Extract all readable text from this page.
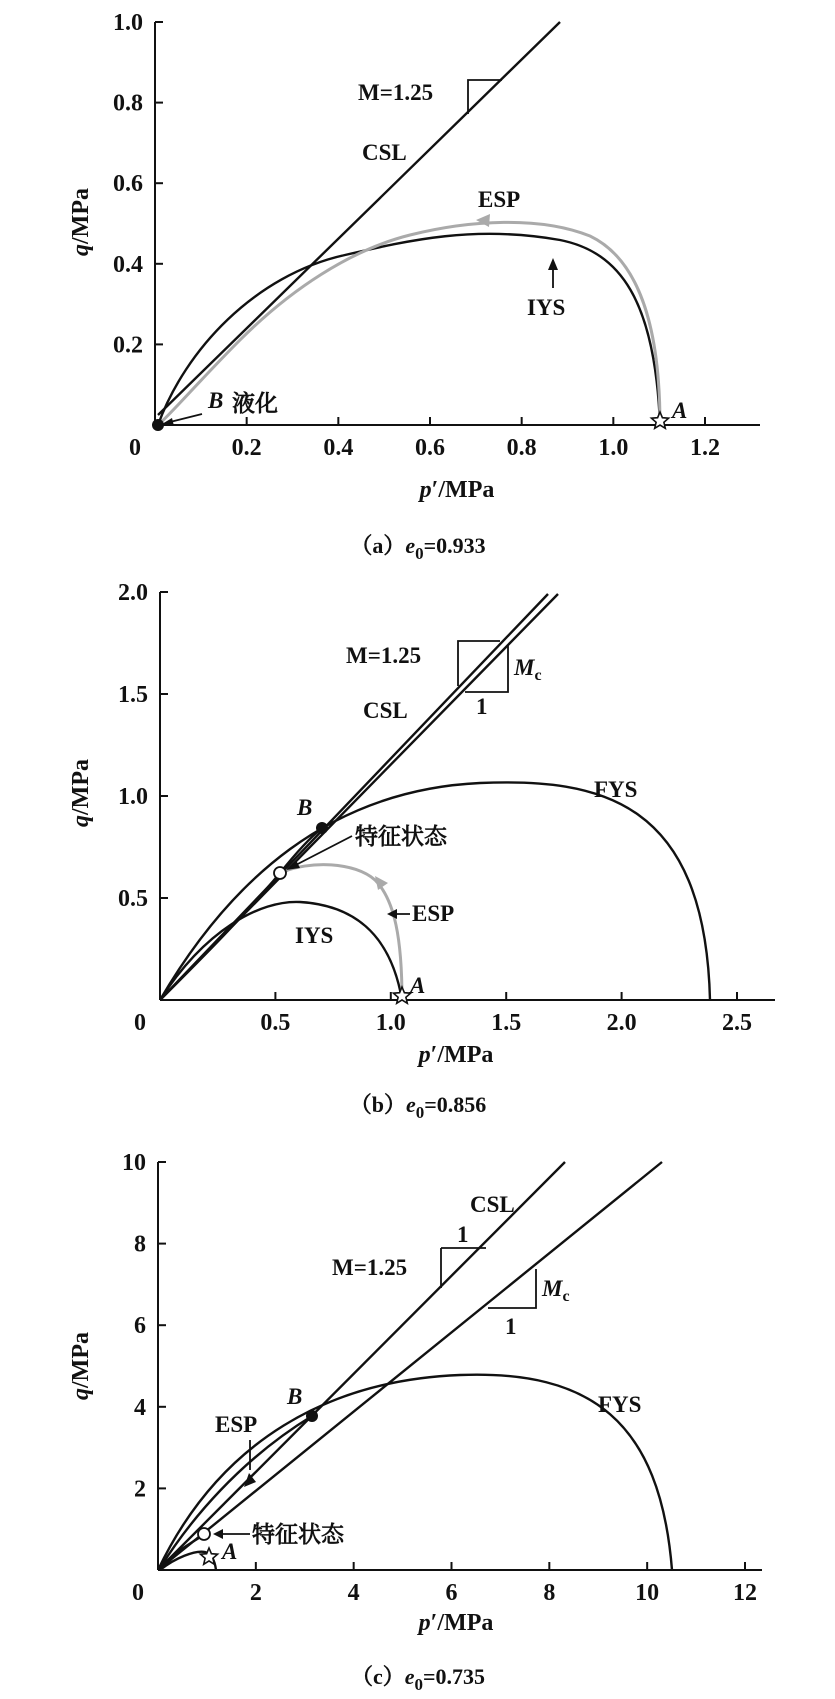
0	0.2	0.4	0.6	0.8	1.0	1.2
0.2
0.4
0.6
0.8
1.0
M=1.25
CSL
ESP
IYS
B 液化	A
p′/MPa
q/MPa
$(a)e_0=0.933$
0	0.5	1.0	1.5	2.0	2.5
0.5
1.0
1.5
2.0
M=1.25	$M_c$
1
CSL
FYS
IYS
ESP
B
特征状态
A
p′/MPa
q/MPa
$(b)e_0=0.856$
0	2	4	6	8	10	12
2
4
6
8
10
CSL
1
M=1.25
$M_c$
1
FYS
ESP
B
特征状态
A
p′/MPa
q/MPa
$(c)e_0=0.735$
